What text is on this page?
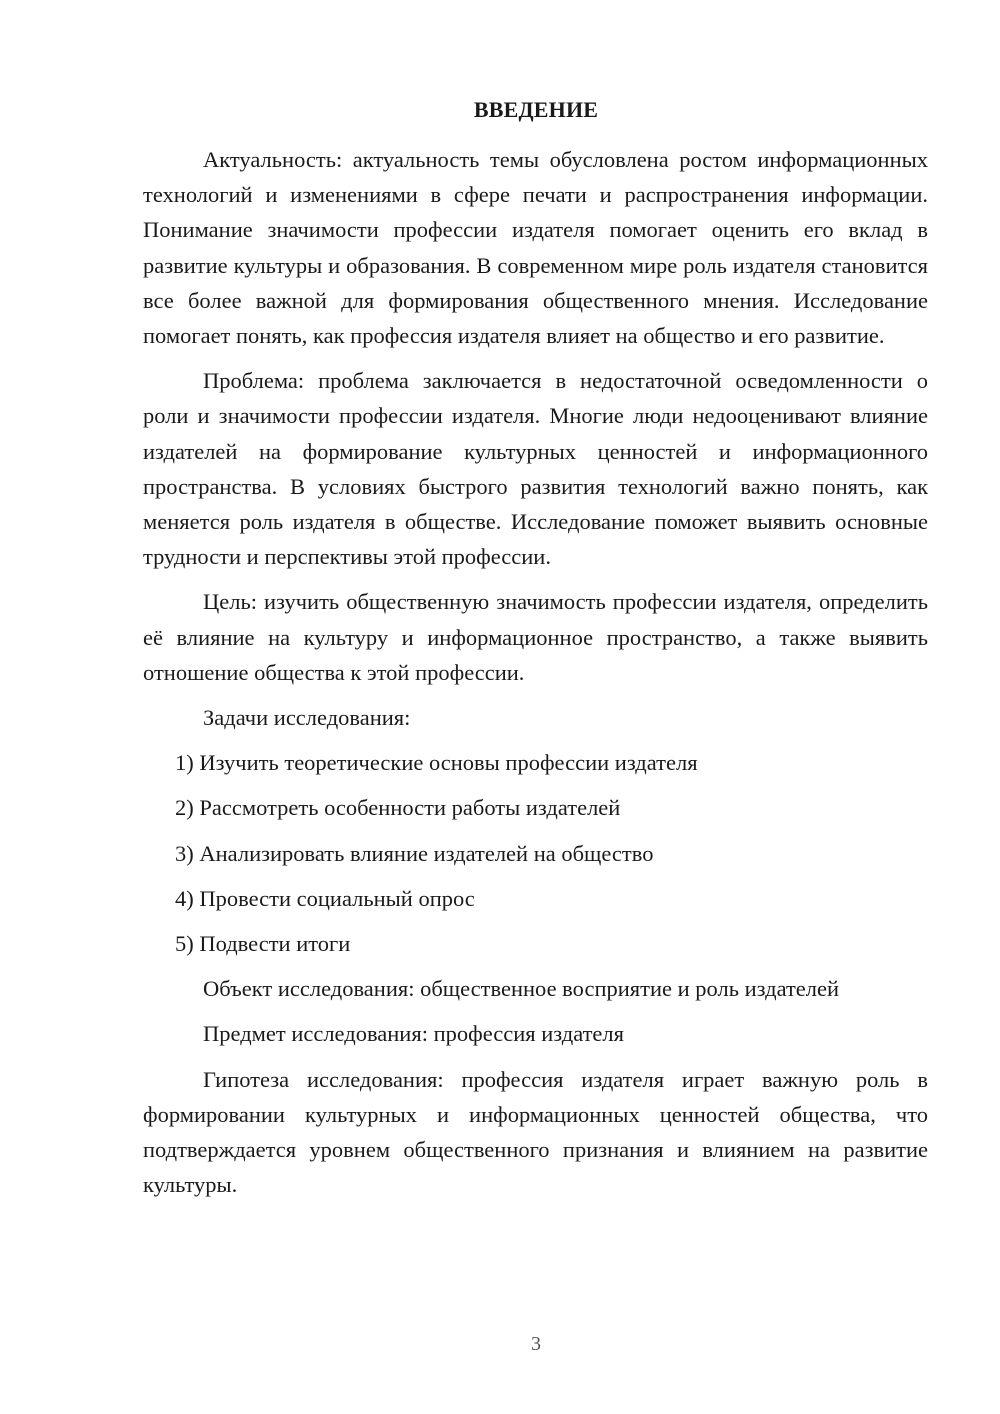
ВВЕДЕНИЕ

Актуальность: актуальность темы обусловлена ростом информационных технологий и изменениями в сфере печати и распространения информации. Понимание значимости профессии издателя помогает оценить его вклад в развитие культуры и образования. В современном мире роль издателя становится все более важной для формирования общественного мнения. Исследование помогает понять, как профессия издателя влияет на общество и его развитие.

Проблема: проблема заключается в недостаточной осведомленности о роли и значимости профессии издателя. Многие люди недооценивают влияние издателей на формирование культурных ценностей и информационного пространства. В условиях быстрого развития технологий важно понять, как меняется роль издателя в обществе. Исследование поможет выявить основные трудности и перспективы этой профессии.

Цель: изучить общественную значимость профессии издателя, определить её влияние на культуру и информационное пространство, а также выявить отношение общества к этой профессии.

Задачи исследования:

1) Изучить теоретические основы профессии издателя

2) Рассмотреть особенности работы издателей

3) Анализировать влияние издателей на общество

4) Провести социальный опрос

5) Подвести итоги

Объект исследования: общественное восприятие и роль издателей

Предмет исследования: профессия издателя

Гипотеза исследования: профессия издателя играет важную роль в формировании культурных и информационных ценностей общества, что подтверждается уровнем общественного признания и влиянием на развитие культуры.

3
